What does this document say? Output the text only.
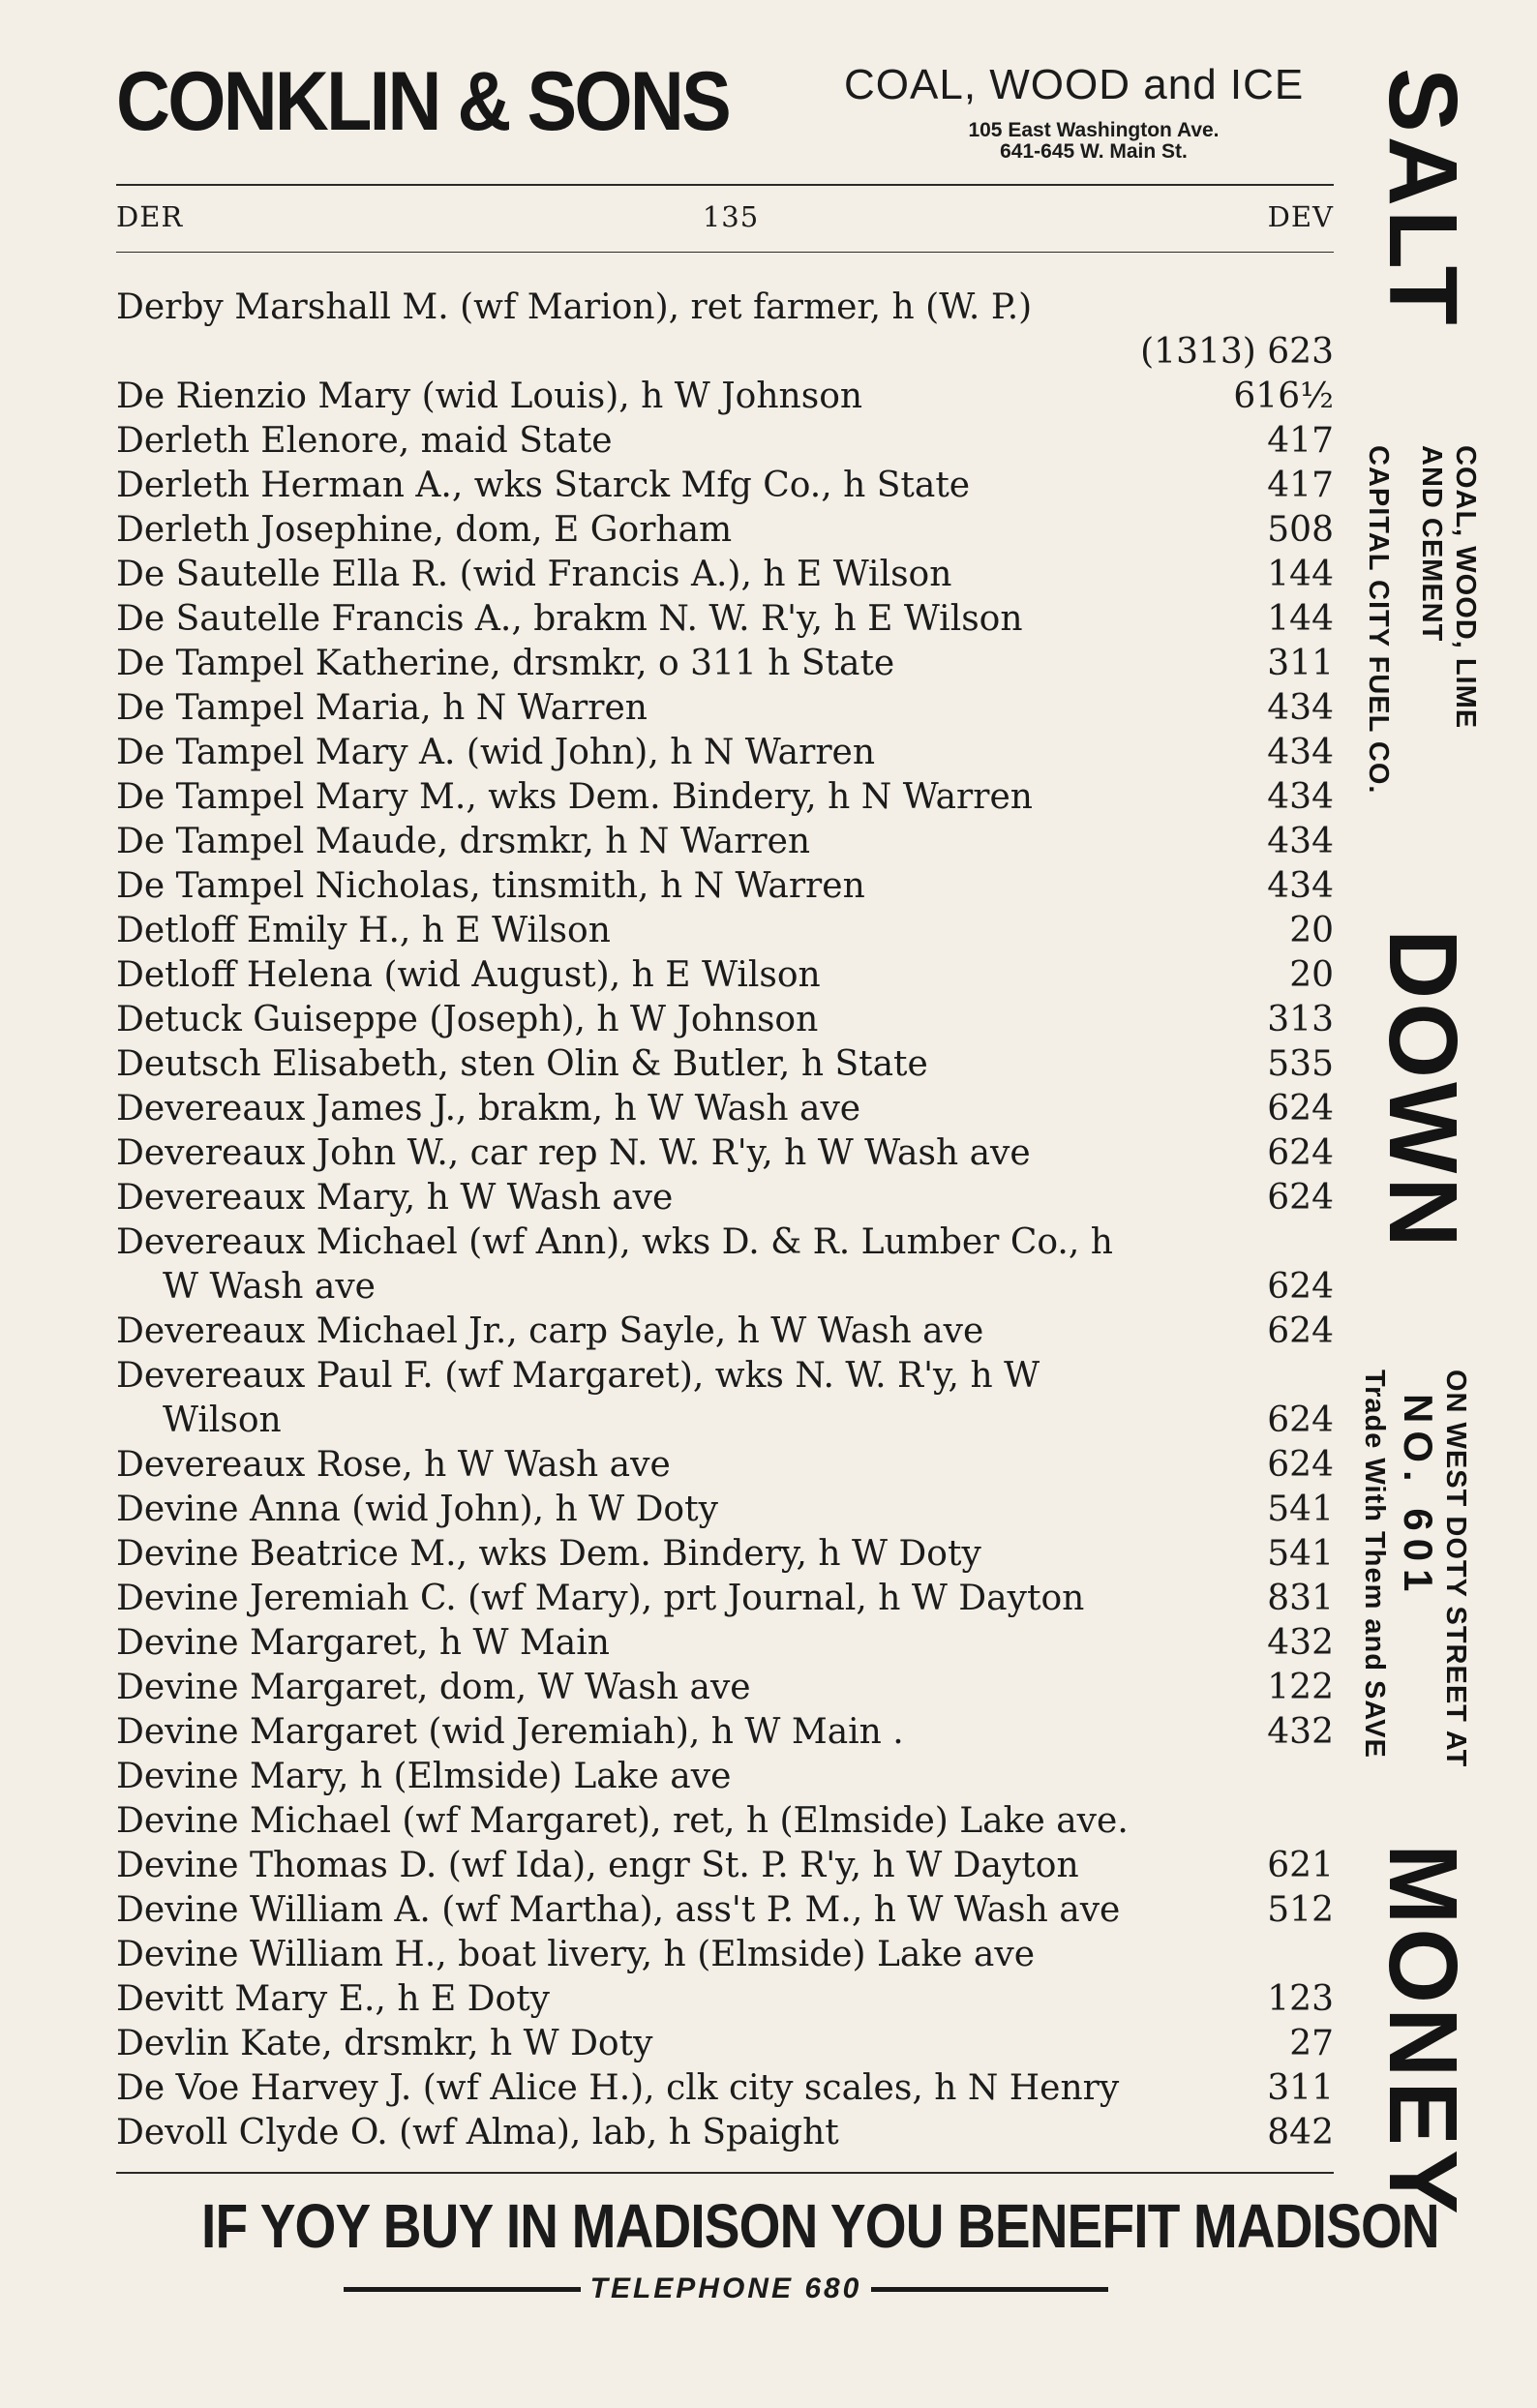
CONKLIN & SONS	COAL, WOOD and ICE
105 East Washington Ave.
641-645 W. Main St.
DER	135	DEV
Derby Marshall M. (wf Marion), ret farmer, h (W. P.)
(1313) 623
De Rienzio Mary (wid Louis), h W Johnson	616½
Derleth Elenore, maid State	417
Derleth Herman A., wks Starck Mfg Co., h State	417
Derleth Josephine, dom, E Gorham	508
De Sautelle Ella R. (wid Francis A.), h E Wilson	144
De Sautelle Francis A., brakm N. W. R'y, h E Wilson	144
De Tampel Katherine, drsmkr, o 311 h State	311
De Tampel Maria, h N Warren	434
De Tampel Mary A. (wid John), h N Warren	434
De Tampel Mary M., wks Dem. Bindery, h N Warren	434
De Tampel Maude, drsmkr, h N Warren	434
De Tampel Nicholas, tinsmith, h N Warren	434
Detloff Emily H., h E Wilson	20
Detloff Helena (wid August), h E Wilson	20
Detuck Guiseppe (Joseph), h W Johnson	313
Deutsch Elisabeth, sten Olin & Butler, h State	535
Devereaux James J., brakm, h W Wash ave	624
Devereaux John W., car rep N. W. R'y, h W Wash ave	624
Devereaux Mary, h W Wash ave	624
Devereaux Michael (wf Ann), wks D. & R. Lumber Co., h
W Wash ave	624
Devereaux Michael Jr., carp Sayle, h W Wash ave	624
Devereaux Paul F. (wf Margaret), wks N. W. R'y, h W
Wilson	624
Devereaux Rose, h W Wash ave	624
Devine Anna (wid John), h W Doty	541
Devine Beatrice M., wks Dem. Bindery, h W Doty	541
Devine Jeremiah C. (wf Mary), prt Journal, h W Dayton	831
Devine Margaret, h W Main	432
Devine Margaret, dom, W Wash ave	122
Devine Margaret (wid Jeremiah), h W Main .	432
Devine Mary, h (Elmside) Lake ave
Devine Michael (wf Margaret), ret, h (Elmside) Lake ave.
Devine Thomas D. (wf Ida), engr St. P. R'y, h W Dayton	621
Devine William A. (wf Martha), ass't P. M., h W Wash ave	512
Devine William H., boat livery, h (Elmside) Lake ave
Devitt Mary E., h E Doty	123
Devlin Kate, drsmkr, h W Doty	27
De Voe Harvey J. (wf Alice H.), clk city scales, h N Henry	311
Devoll Clyde O. (wf Alma), lab, h Spaight	842
IF YOY BUY IN MADISON YOU BENEFIT MADISON
TELEPHONE 680
SALT
COAL, WOOD, LIME
AND CEMENT
CAPITAL CITY FUEL CO.
DOWN
ON WEST DOTY STREET AT
NO. 601
Trade With Them and SAVE
MONEY
